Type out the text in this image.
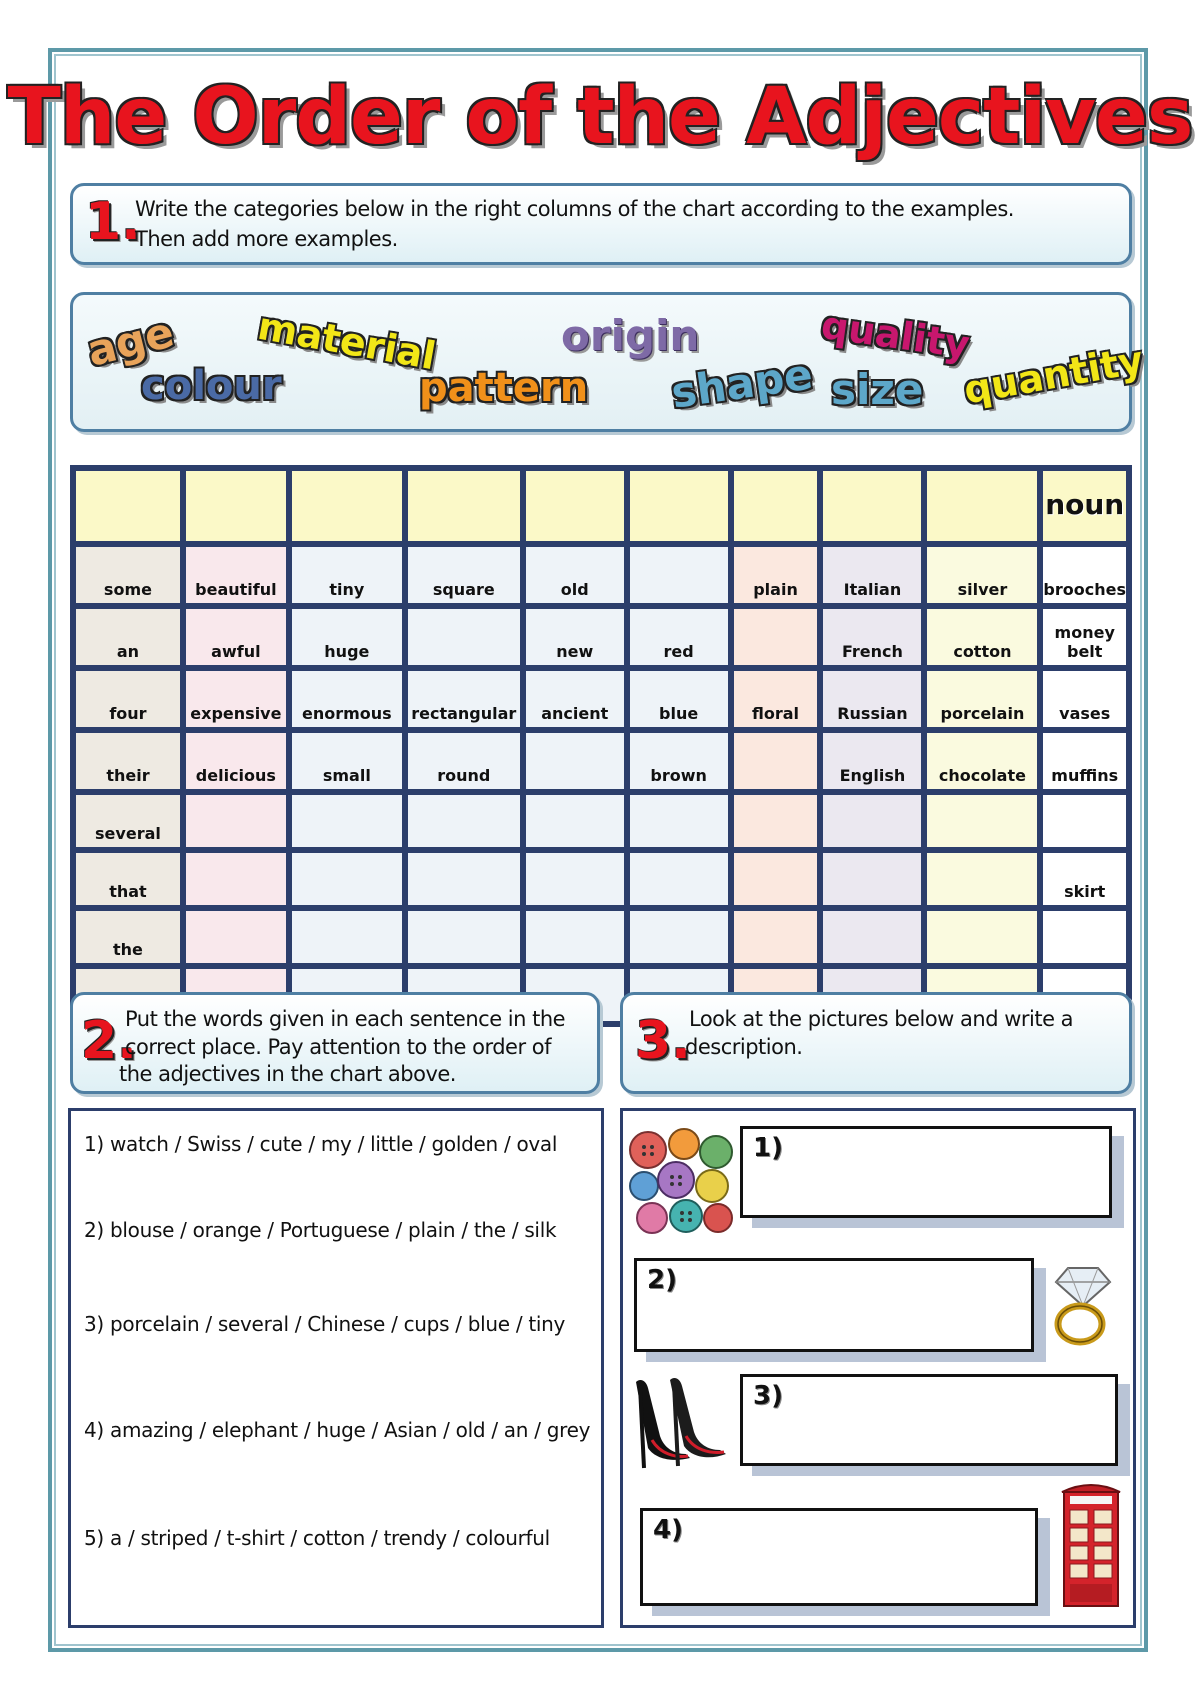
The Order of the Adjectives
1.
Write the categories below in the right columns of the chart according to the examples.
Then add more examples.
age material	origin	quality
colour	pattern shape size quantity
									noun
some	beautiful	tiny	square	old		plain	Italian	silver	brooches
an	awful	huge		new	red		French	cotton	money belt
four	expensive	enormous	rectangular	ancient	blue	floral	Russian	porcelain	vases
their	delicious	small	round		brown		English	chocolate	muffins
several									
that									skirt
the									

2.
Put the words given in each sentence in the
correct place. Pay attention to the order of
the adjectives in the chart above.
3.
Look at the pictures below and write a
description.
1) watch / Swiss / cute / my / little / golden / oval
2) blouse / orange / Portuguese / plain / the / silk
3) porcelain / several / Chinese / cups / blue / tiny
4) amazing / elephant / huge / Asian / old / an / grey
5) a / striped / t-shirt / cotton / trendy / colourful
1)
2)
3)
4)
